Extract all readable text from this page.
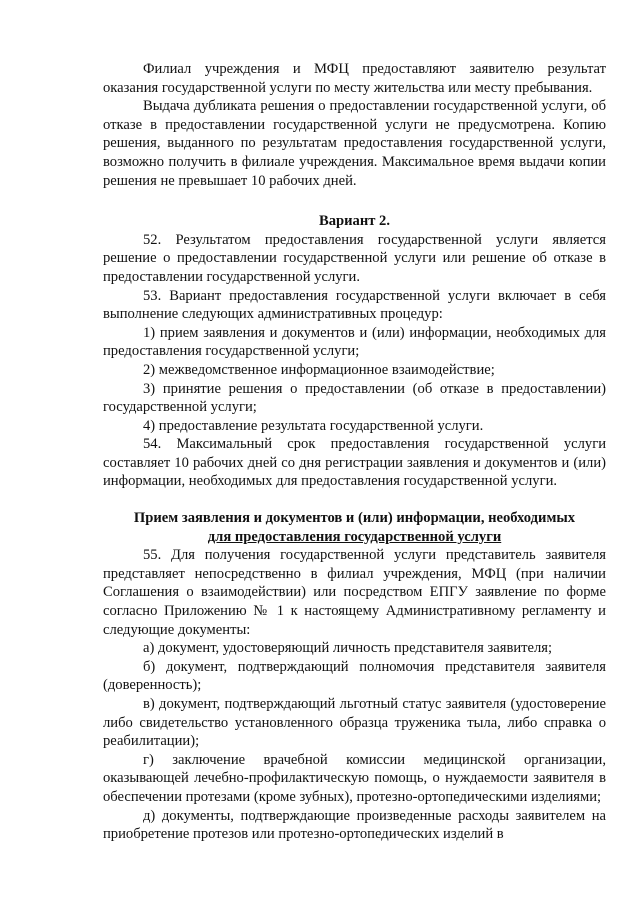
Филиал учреждения и МФЦ предоставляют заявителю результат оказания государственной услуги по месту жительства или месту пребывания.

Выдача дубликата решения о предоставлении государственной услуги, об отказе в предоставлении государственной услуги не предусмотрена. Копию решения, выданного по результатам предоставления государственной услуги, возможно получить в филиале учреждения. Максимальное время выдачи копии решения не превышает 10 рабочих дней.

Вариант 2.

52. Результатом предоставления государственной услуги является решение о предоставлении государственной услуги или решение об отказе в предоставлении государственной услуги.

53. Вариант предоставления государственной услуги включает в себя выполнение следующих административных процедур:

1) прием заявления и документов и (или) информации, необходимых для предоставления государственной услуги;

2) межведомственное информационное взаимодействие;

3) принятие решения о предоставлении (об отказе в предоставлении) государственной услуги;

4) предоставление результата государственной услуги.

54. Максимальный срок предоставления государственной услуги составляет 10 рабочих дней со дня регистрации заявления и документов и (или) информации, необходимых для предоставления государственной услуги.

Прием заявления и документов и (или) информации, необходимых
для предоставления государственной услуги

55. Для получения государственной услуги представитель заявителя представляет непосредственно в филиал учреждения, МФЦ (при наличии Соглашения о взаимодействии) или посредством ЕПГУ заявление по форме согласно Приложению № 1 к настоящему Административному регламенту и следующие документы:

а) документ, удостоверяющий личность представителя заявителя;

б) документ, подтверждающий полномочия представителя заявителя (доверенность);

в) документ, подтверждающий льготный статус заявителя (удостоверение либо свидетельство установленного образца труженика тыла, либо справка о реабилитации);

г) заключение врачебной комиссии медицинской организации, оказывающей лечебно-профилактическую помощь, о нуждаемости заявителя в обеспечении протезами (кроме зубных), протезно-ортопедическими изделиями;

д) документы, подтверждающие произведенные расходы заявителем на приобретение протезов или протезно-ортопедических изделий в
